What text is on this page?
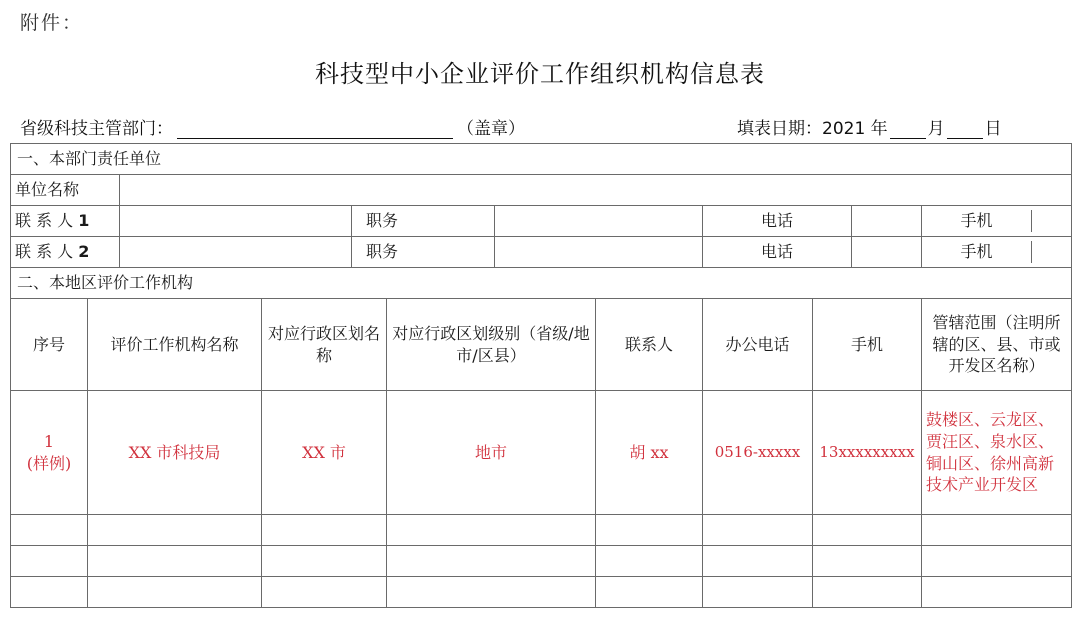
附件：
科技型中小企业评价工作组织机构信息表
省级科技主管部门：	（盖章）	填表日期：2021 年 月 日
一、本部门责任单位											
单位名称											
联 系 人 1				职务				电话			手机

联 系 人 2				职务				电话			手机

二、本地区评价工作机构											
序号	评价工作机构名称		对应行政区划名称		对应行政区划级别（省级/地市/区县）		联系人	办公电话	手机		管辖范围（注明所辖的区、县、市或开发区名称）

1
(样例)	XX 市科技局		XX 市		地市		胡 xx	0516-xxxxx	13xxxxxxxxx		鼓楼区、云龙区、贾汪区、泉水区、铜山区、徐州高新技术产业开发区
